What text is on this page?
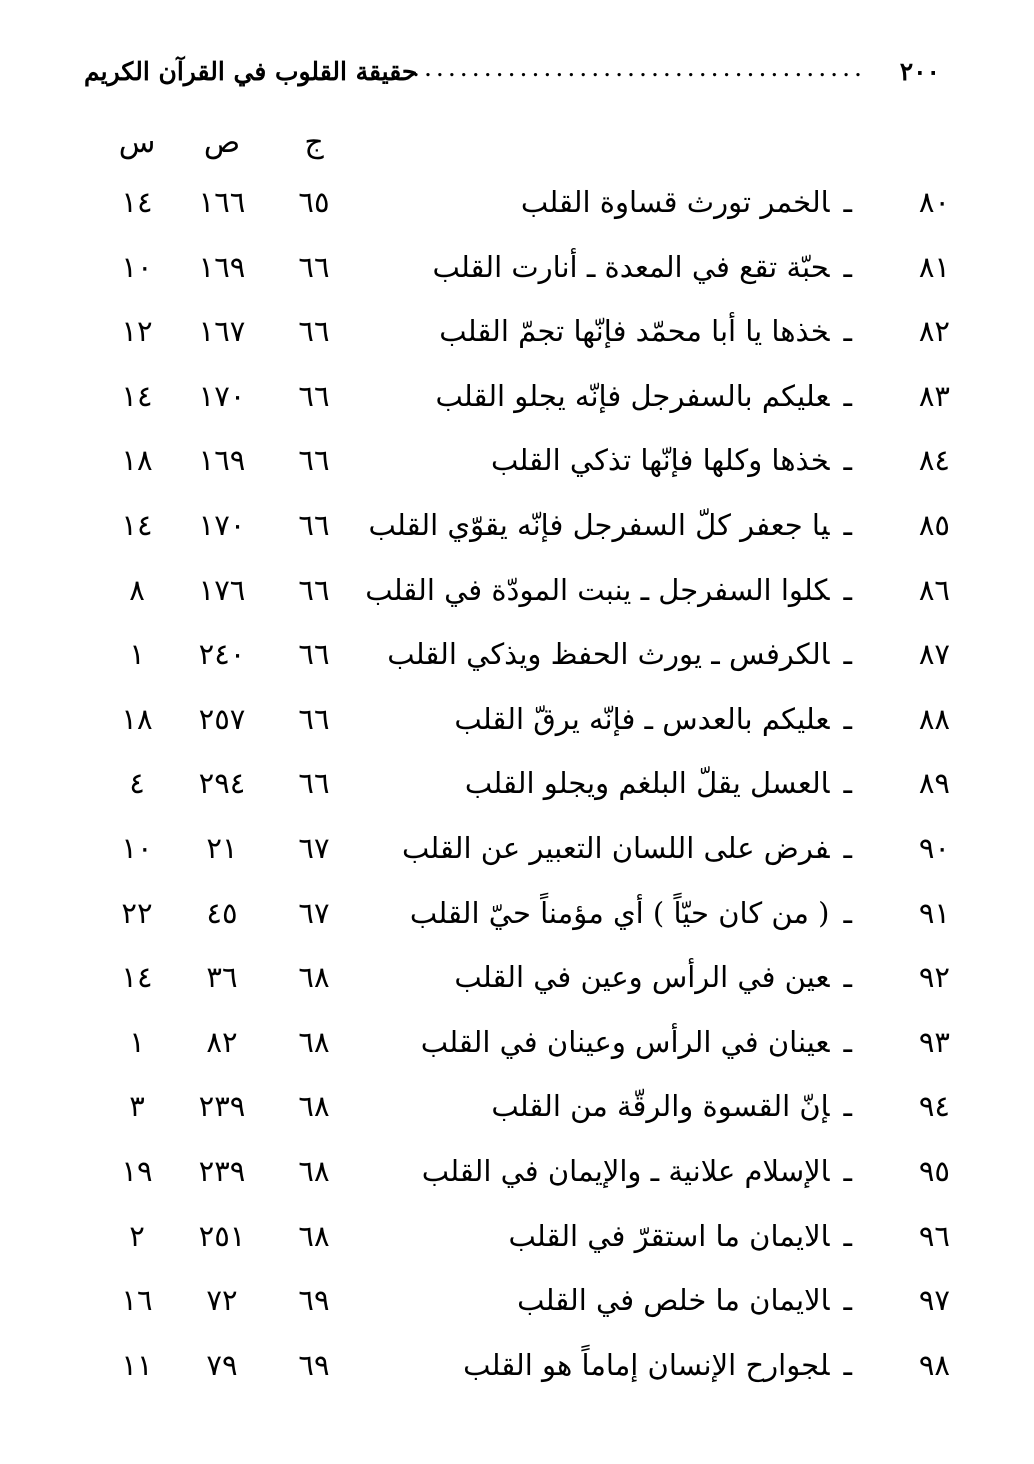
٢٠٠
......................................
حقيقة القلوب في القرآن الكريم
ج
ص
س
٨٠
ـالخمر تورث قساوة القلب
٦٥
١٦٦
١٤
٨١
ـحبّة تقع في المعدة ـ أنارت القلب
٦٦
١٦٩
١٠
٨٢
ـخذها يا أبا محمّد فإنّها تجمّ القلب
٦٦
١٦٧
١٢
٨٣
ـعليكم بالسفرجل فإنّه يجلو القلب
٦٦
١٧٠
١٤
٨٤
ـخذها وكلها فإنّها تذكي القلب
٦٦
١٦٩
١٨
٨٥
ـيا جعفر كلّ السفرجل فإنّه يقوّي القلب
٦٦
١٧٠
١٤
٨٦
ـكلوا السفرجل ـ ينبت المودّة في القلب
٦٦
١٧٦
٨
٨٧
ـالكرفس ـ يورث الحفظ ويذكي القلب
٦٦
٢٤٠
١
٨٨
ـعليكم بالعدس ـ فإنّه يرقّ القلب
٦٦
٢٥٧
١٨
٨٩
ـالعسل يقلّ البلغم ويجلو القلب
٦٦
٢٩٤
٤
٩٠
ـفرض على اللسان التعبير عن القلب
٦٧
٢١
١٠
٩١
ـ( من كان حيّاً ) أي مؤمناً حيّ القلب
٦٧
٤٥
٢٢
٩٢
ـعين في الرأس وعين في القلب
٦٨
٣٦
١٤
٩٣
ـعينان في الرأس وعينان في القلب
٦٨
٨٢
١
٩٤
ـإنّ القسوة والرقّة من القلب
٦٨
٢٣٩
٣
٩٥
ـالإسلام علانية ـ والإيمان في القلب
٦٨
٢٣٩
١٩
٩٦
ـالايمان ما استقرّ في القلب
٦٨
٢٥١
٢
٩٧
ـالايمان ما خلص في القلب
٦٩
٧٢
١٦
٩٨
ـلجوارح الإنسان إماماً هو القلب
٦٩
٧٩
١١
